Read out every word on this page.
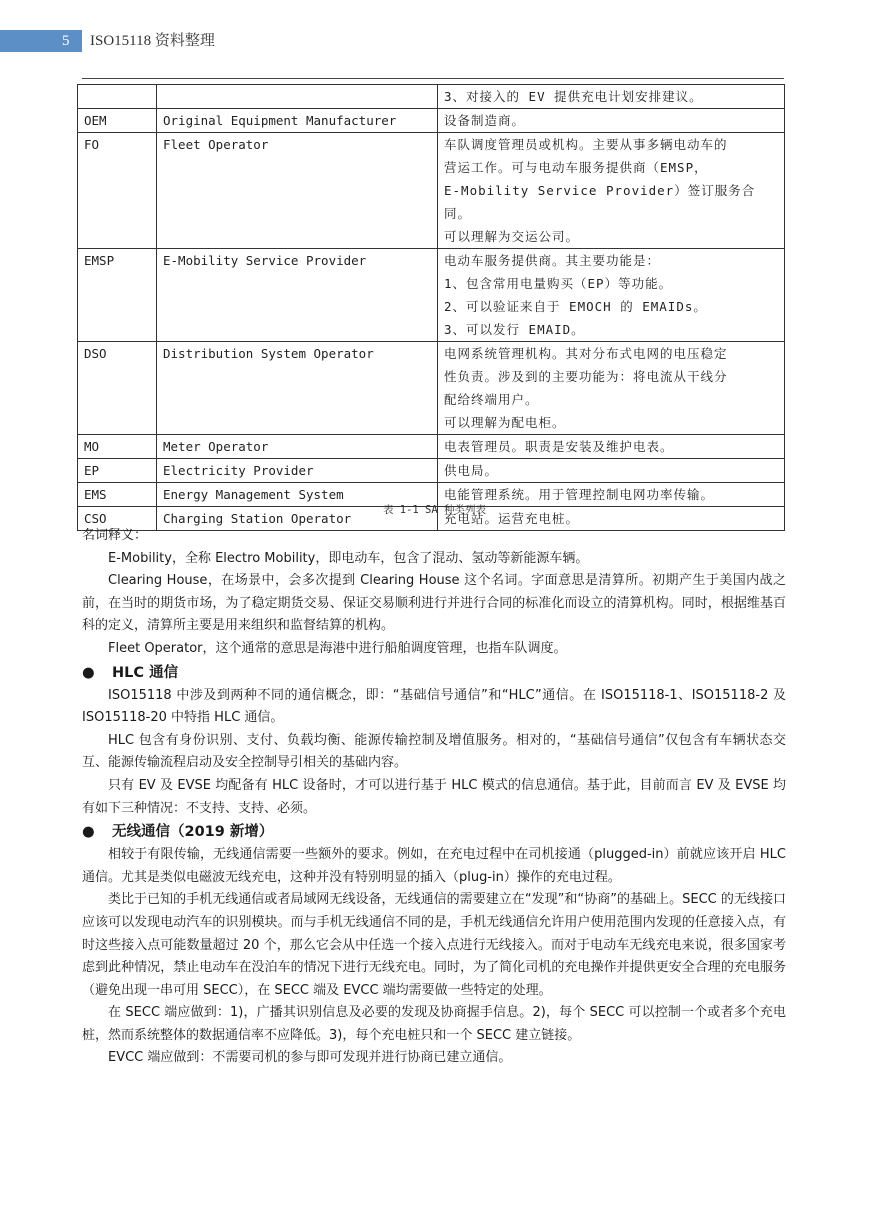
5	ISO15118 资料整理

		3、对接入的 EV 提供充电计划安排建议。

OEM	Original Equipment Manufacturer	设备制造商。

FO	Fleet Operator	车队调度管理员或机构。主要从事多辆电动车的
营运工作。可与电动车服务提供商（EMSP，
E-Mobility Service Provider）签订服务合同。
可以理解为交运公司。

EMSP	E-Mobility Service Provider	电动车服务提供商。其主要功能是：
1、包含常用电量购买（EP）等功能。
2、可以验证来自于 EMOCH 的 EMAIDs。
3、可以发行 EMAID。

DSO	Distribution System Operator	电网系统管理机构。其对分布式电网的电压稳定
性负责。涉及到的主要功能为：将电流从干线分
配给终端用户。
可以理解为配电柜。

MO	Meter Operator	电表管理员。职责是安装及维护电表。

EP	Electricity Provider	供电局。

EMS	Energy Management System	电能管理系统。用于管理控制电网功率传输。

CSO	Charging Station Operator	充电站。运营充电桩。
表 1-1 SA 种类列表

名词释义：

E-Mobility，全称 Electro Mobility，即电动车，包含了混动、氢动等新能源车辆。

Clearing House，在场景中，会多次提到 Clearing House 这个名词。字面意思是清算所。初期产生于美国内战之前，在当时的期货市场，为了稳定期货交易、保证交易顺利进行并进行合同的标准化而设立的清算机构。同时，根据维基百科的定义，清算所主要是用来组织和监督结算的机构。

Fleet Operator，这个通常的意思是海港中进行船舶调度管理，也指车队调度。

● HLC 通信

ISO15118 中涉及到两种不同的通信概念，即：“基础信号通信”和“HLC”通信。在 ISO15118-1、ISO15118-2 及 ISO15118-20 中特指 HLC 通信。

HLC 包含有身份识别、支付、负载均衡、能源传输控制及增值服务。相对的，“基础信号通信”仅包含有车辆状态交互、能源传输流程启动及安全控制导引相关的基础内容。

只有 EV 及 EVSE 均配备有 HLC 设备时，才可以进行基于 HLC 模式的信息通信。基于此，目前而言 EV 及 EVSE 均有如下三种情况：不支持、支持、必须。

● 无线通信（2019 新增）

相较于有限传输，无线通信需要一些额外的要求。例如，在充电过程中在司机接通（plugged-in）前就应该开启 HLC 通信。尤其是类似电磁波无线充电，这种并没有特别明显的插入（plug-in）操作的充电过程。

类比于已知的手机无线通信或者局域网无线设备，无线通信的需要建立在“发现”和“协商”的基础上。SECC 的无线接口应该可以发现电动汽车的识别模块。而与手机无线通信不同的是，手机无线通信允许用户使用范围内发现的任意接入点，有时这些接入点可能数量超过 20 个，那么它会从中任选一个接入点进行无线接入。而对于电动车无线充电来说，很多国家考虑到此种情况，禁止电动车在没泊车的情况下进行无线充电。同时，为了简化司机的充电操作并提供更安全合理的充电服务（避免出现一串可用 SECC），在 SECC 端及 EVCC 端均需要做一些特定的处理。

在 SECC 端应做到：1)，广播其识别信息及必要的发现及协商握手信息。2)，每个 SECC 可以控制一个或者多个充电桩，然而系统整体的数据通信率不应降低。3)，每个充电桩只和一个 SECC 建立链接。

EVCC 端应做到：不需要司机的参与即可发现并进行协商已建立通信。
